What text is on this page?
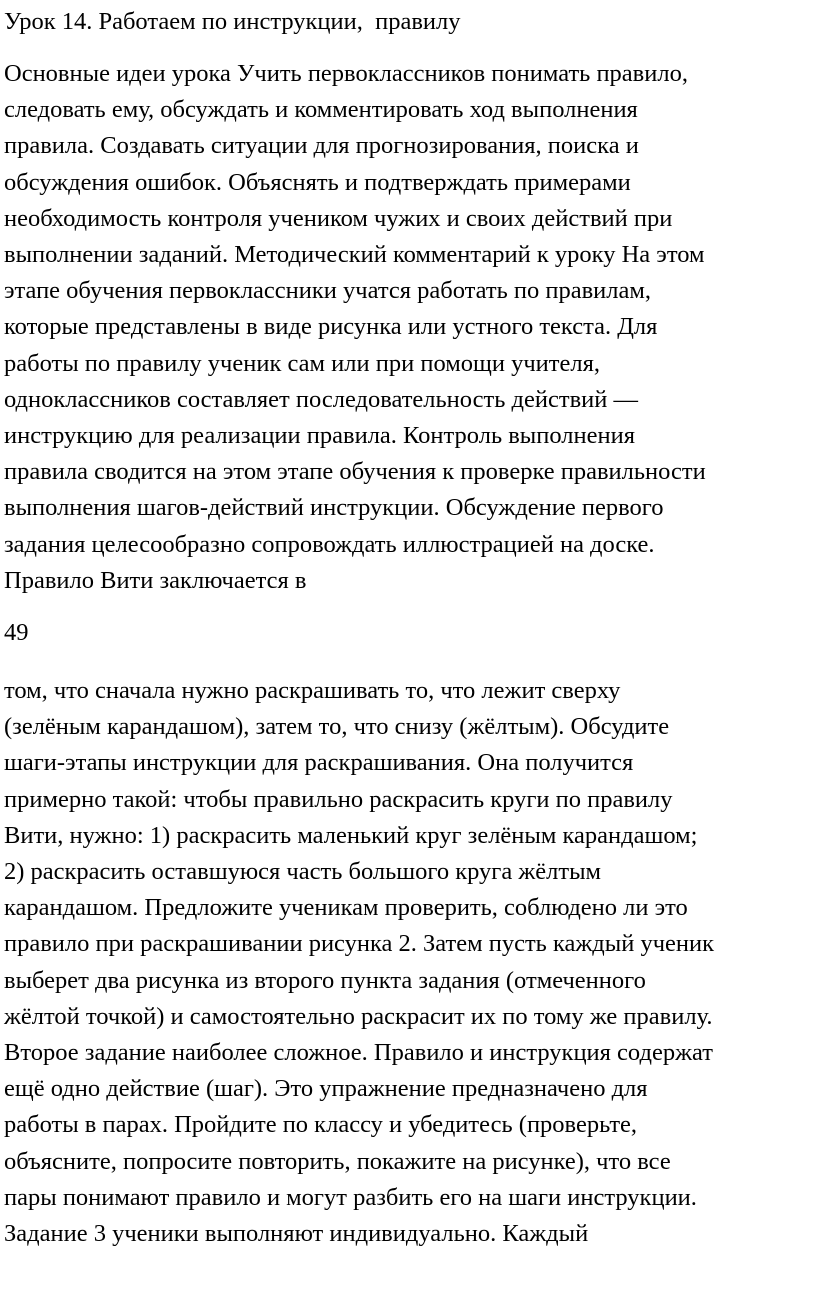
Урок 14. Работаем по инструкции,  правилу

Основные идеи урока Учить первоклассников понимать правило,
следовать ему, обсуждать и комментировать ход выполнения
правила. Создавать ситуации для прогнозирования, поиска и
обсуждения ошибок. Объяснять и подтверждать примерами
необходимость контроля учеником чужих и своих действий при
выполнении заданий. Методический комментарий к уроку На этом
этапе обучения первоклассники учатся работать по правилам,
которые представлены в виде рисунка или устного текста. Для
работы по правилу ученик сам или при помощи учителя,
одноклассников составляет последовательность действий —
инструкцию для реализации правила. Контроль выполнения
правила сводится на этом этапе обучения к проверке правильности
выполнения шагов-действий инструкции. Обсуждение первого
задания целесообразно сопровождать иллюстрацией на доске.
Правило Вити заключается в

49

том, что сначала нужно раскрашивать то, что лежит сверху
(зелёным карандашом), затем то, что снизу (жёлтым). Обсудите
шаги-этапы инструкции для раскрашивания. Она получится
примерно такой: чтобы правильно раскрасить круги по правилу
Вити, нужно: 1) раскрасить маленький круг зелёным карандашом;
2) раскрасить оставшуюся часть большого круга жёлтым
карандашом. Предложите ученикам проверить, соблюдено ли это
правило при раскрашивании рисунка 2. Затем пусть каждый ученик
выберет два рисунка из второго пункта задания (отмеченного
жёлтой точкой) и самостоятельно раскрасит их по тому же правилу.
Второе задание наиболее сложное. Правило и инструкция содержат
ещё одно действие (шаг). Это упражнение предназначено для
работы в парах. Пройдите по классу и убедитесь (проверьте,
объясните, попросите повторить, покажите на рисунке), что все
пары понимают правило и могут разбить его на шаги инструкции.
Задание 3 ученики выполняют индивидуально. Каждый
